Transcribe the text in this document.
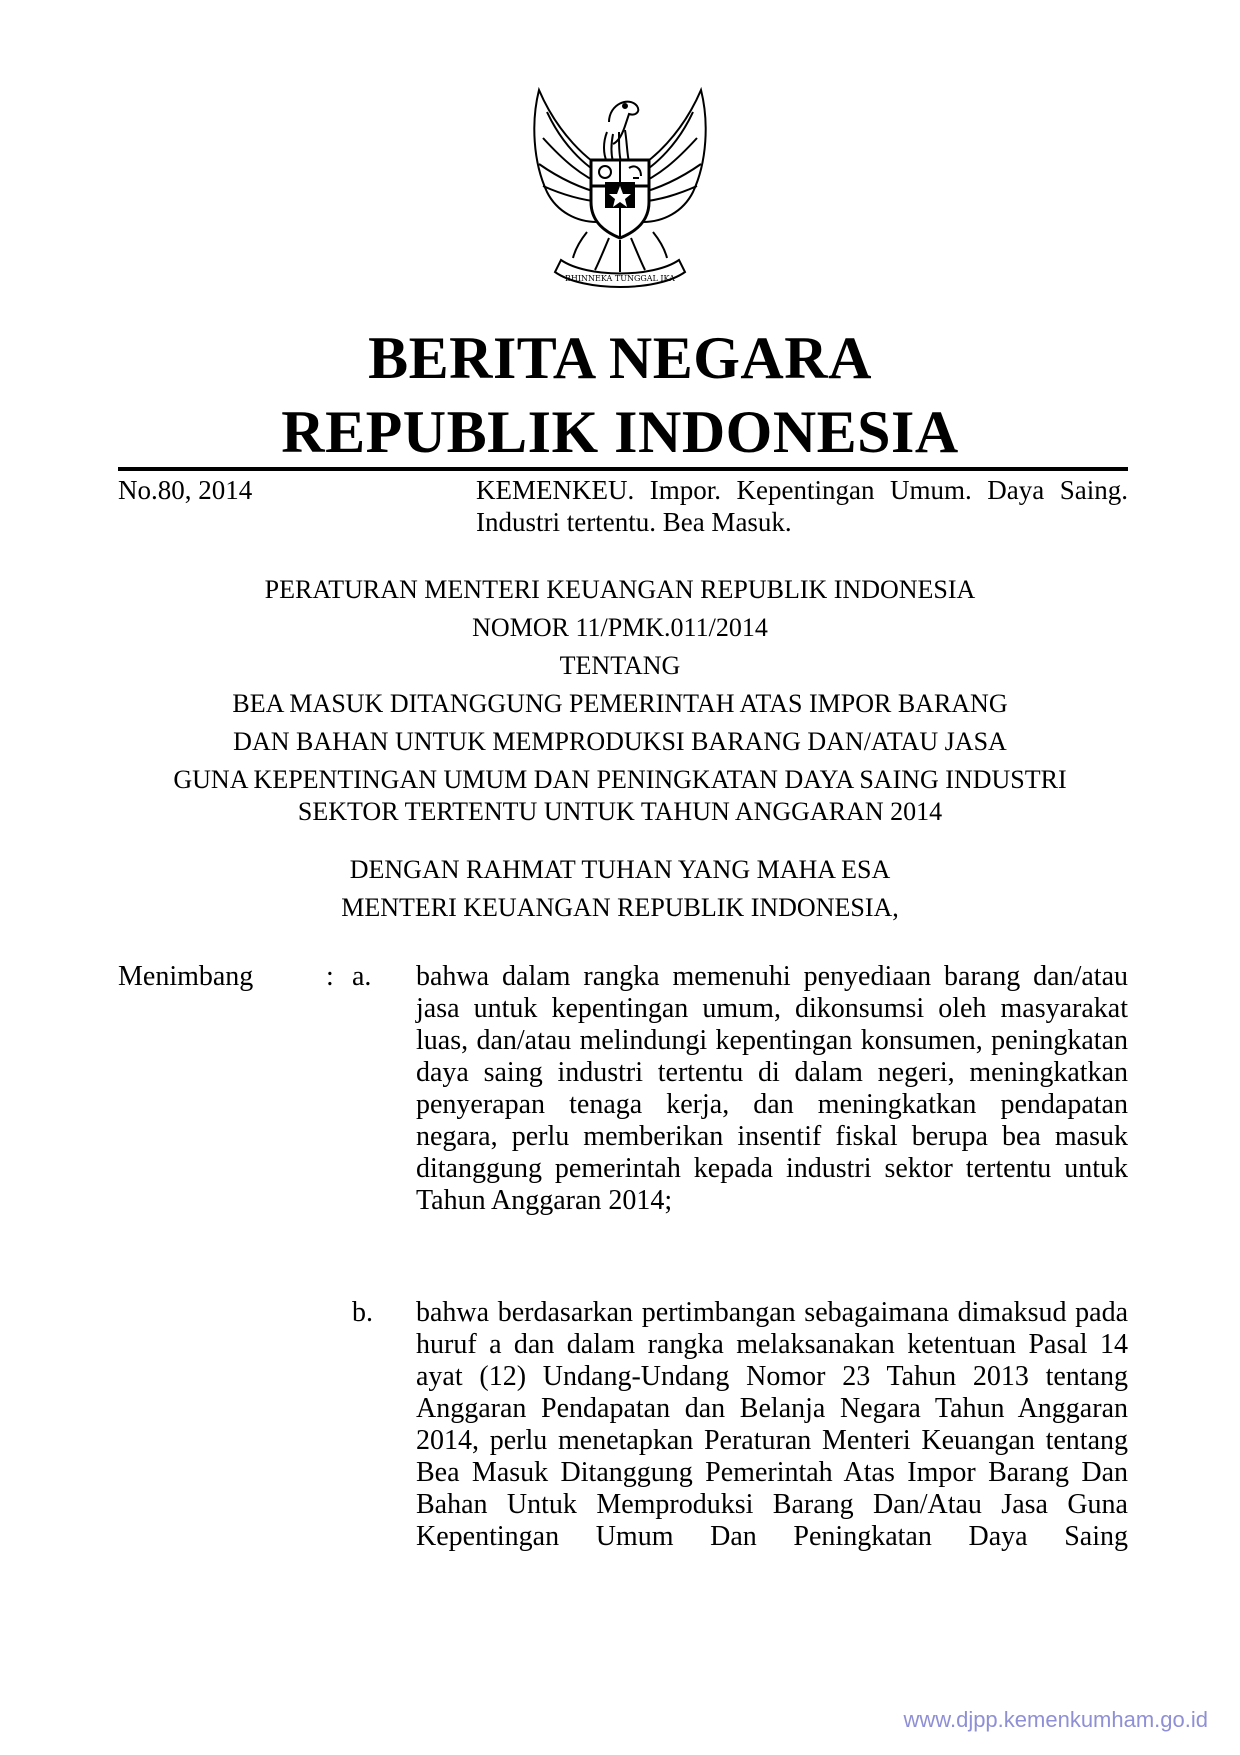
BHINNEKA TUNGGAL IKA
BERITA NEGARA
REPUBLIK INDONESIA
No.80, 2014	KEMENKEU. Impor. Kepentingan Umum. Daya Saing. Industri tertentu. Bea Masuk.
PERATURAN MENTERI KEUANGAN REPUBLIK INDONESIA
NOMOR 11/PMK.011/2014
TENTANG
BEA MASUK DITANGGUNG PEMERINTAH ATAS IMPOR BARANG
DAN BAHAN UNTUK MEMPRODUKSI BARANG DAN/ATAU JASA
GUNA KEPENTINGAN UMUM DAN PENINGKATAN DAYA SAING INDUSTRI
SEKTOR TERTENTU UNTUK TAHUN ANGGARAN 2014
DENGAN RAHMAT TUHAN YANG MAHA ESA
MENTERI KEUANGAN REPUBLIK INDONESIA,
Menimbang	: a. bahwa dalam rangka memenuhi penyediaan barang dan/atau jasa untuk kepentingan umum, dikonsumsi oleh masyarakat luas, dan/atau melindungi kepentingan konsumen, peningkatan daya saing industri tertentu di dalam negeri, meningkatkan penyerapan tenaga kerja, dan meningkatkan pendapatan negara, perlu memberikan insentif fiskal berupa bea masuk ditanggung pemerintah kepada industri sektor tertentu untuk Tahun Anggaran 2014;

b. bahwa berdasarkan pertimbangan sebagaimana dimaksud pada huruf a dan dalam rangka melaksanakan ketentuan Pasal 14 ayat (12) Undang-Undang Nomor 23 Tahun 2013 tentang Anggaran Pendapatan dan Belanja Negara Tahun Anggaran 2014, perlu menetapkan Peraturan Menteri Keuangan tentang Bea Masuk Ditanggung Pemerintah Atas Impor Barang Dan Bahan Untuk Memproduksi Barang Dan/Atau Jasa Guna Kepentingan Umum Dan Peningkatan Daya Saing

www.djpp.kemenkumham.go.id
